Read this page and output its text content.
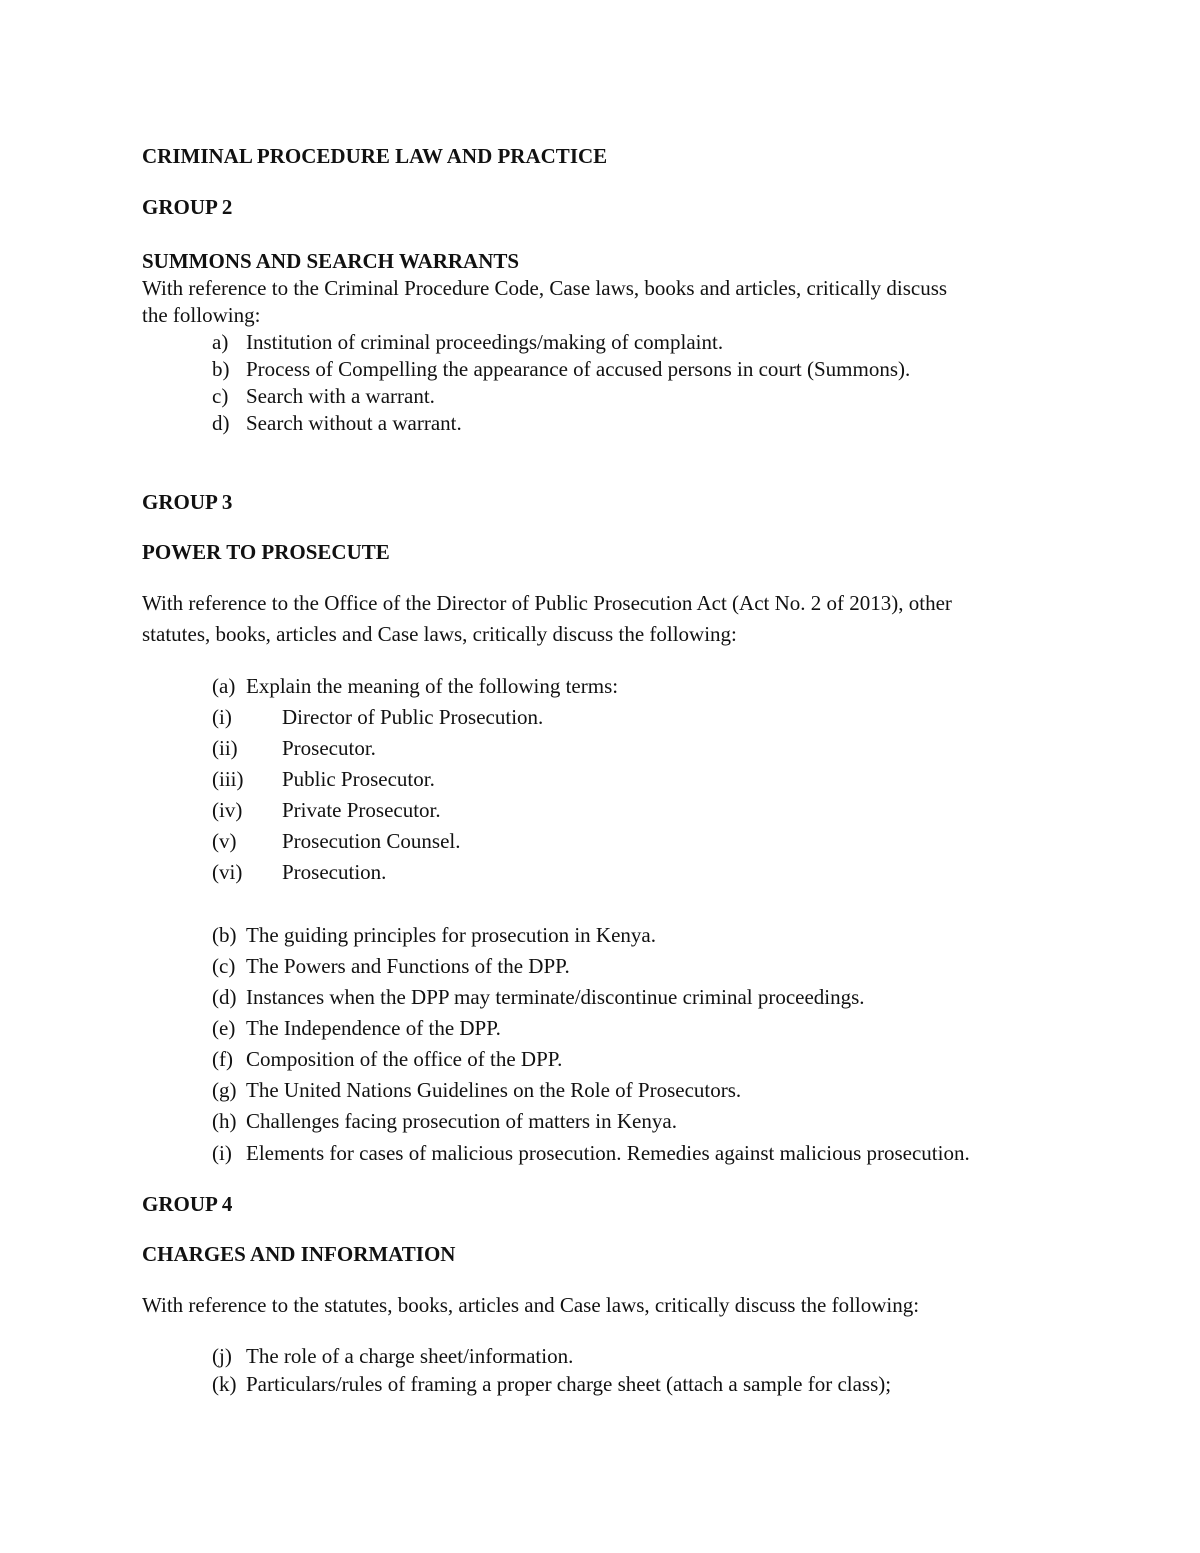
CRIMINAL PROCEDURE LAW AND PRACTICE
GROUP 2
SUMMONS AND SEARCH WARRANTS
With reference to the Criminal Procedure Code, Case laws, books and articles, critically discuss
the following:
a) Institution of criminal proceedings/making of complaint.
b) Process of Compelling the appearance of accused persons in court (Summons).
c) Search with a warrant.
d) Search without a warrant.
GROUP 3
POWER TO PROSECUTE
With reference to the Office of the Director of Public Prosecution Act (Act No. 2 of 2013), other
statutes, books, articles and Case laws, critically discuss the following:
(a) Explain the meaning of the following terms:
(i) Director of Public Prosecution.
(ii) Prosecutor.
(iii) Public Prosecutor.
(iv) Private Prosecutor.
(v) Prosecution Counsel.
(vi) Prosecution.
(b) The guiding principles for prosecution in Kenya.
(c) The Powers and Functions of the DPP.
(d) Instances when the DPP may terminate/discontinue criminal proceedings.
(e) The Independence of the DPP.
(f) Composition of the office of the DPP.
(g) The United Nations Guidelines on the Role of Prosecutors.
(h) Challenges facing prosecution of matters in Kenya.
(i) Elements for cases of malicious prosecution. Remedies against malicious prosecution.
GROUP 4
CHARGES AND INFORMATION
With reference to the statutes, books, articles and Case laws, critically discuss the following:
(j) The role of a charge sheet/information.
(k) Particulars/rules of framing a proper charge sheet (attach a sample for class);
